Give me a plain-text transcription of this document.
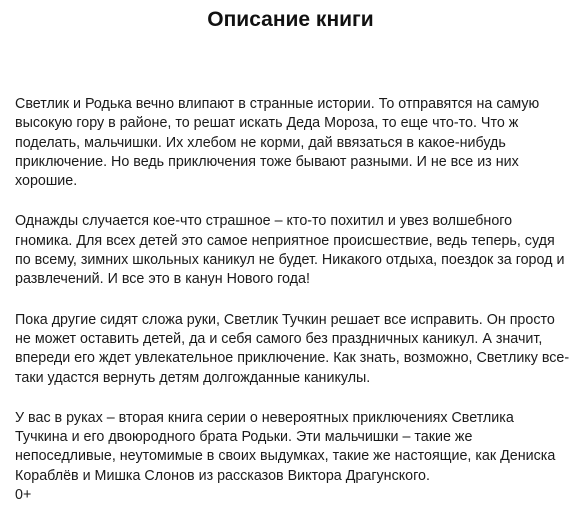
Описание книги

Светлик и Родька вечно влипают в странные истории. То отправятся на самую высокую гору в районе, то решат искать Деда Мороза, то еще что-то. Что ж поделать, мальчишки. Их хлебом не корми, дай ввязаться в какое-нибудь приключение. Но ведь приключения тоже бывают разными. И не все из них хорошие.

Однажды случается кое-что страшное – кто-то похитил и увез волшебного гномика. Для всех детей это самое неприятное происшествие, ведь теперь, судя по всему, зимних школьных каникул не будет. Никакого отдыха, поездок за город и развлечений. И все это в канун Нового года!

Пока другие сидят сложа руки, Светлик Тучкин решает все исправить. Он просто не может оставить детей, да и себя самого без праздничных каникул. А значит, впереди его ждет увлекательное приключение. Как знать, возможно, Светлику все-таки удастся вернуть детям долгожданные каникулы.

У вас в руках – вторая книга серии о невероятных приключениях Светлика Тучкина и его двоюродного брата Родьки. Эти мальчишки – такие же непоседливые, неутомимые в своих выдумках, такие же настоящие, как Дениска Кораблёв и Мишка Слонов из рассказов Виктора Драгунского.

0+
